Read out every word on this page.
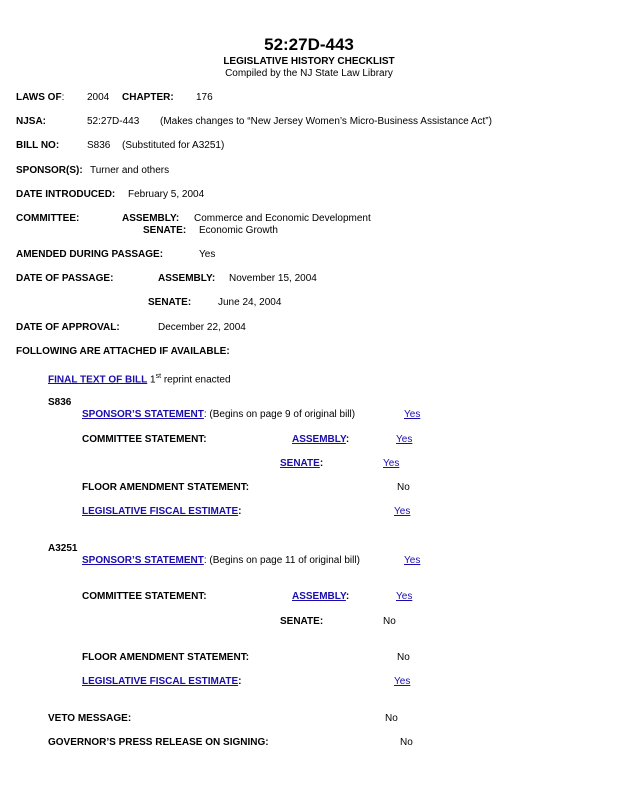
52:27D-443
LEGISLATIVE HISTORY CHECKLIST
Compiled by the NJ State Law Library
LAWS OF: 2004 CHAPTER: 176
NJSA:	52:27D-443 (Makes changes to “New Jersey Women’s Micro-Business Assistance Act”)
BILL NO:	S836 (Substituted for A3251)
SPONSOR(S): Turner and others
DATE INTRODUCED: February 5, 2004
COMMITTEE:	ASSEMBLY: Commerce and Economic Development
SENATE: Economic Growth
AMENDED DURING PASSAGE:	Yes
DATE OF PASSAGE:	ASSEMBLY: November 15, 2004
SENATE:	June 24, 2004
DATE OF APPROVAL:	December 22, 2004
FOLLOWING ARE ATTACHED IF AVAILABLE:
FINAL TEXT OF BILL 1st reprint enacted
S836
SPONSOR’S STATEMENT: (Begins on page 9 of original bill)	Yes
COMMITTEE STATEMENT:	ASSEMBLY:	Yes
SENATE:	Yes
FLOOR AMENDMENT STATEMENT:	No
LEGISLATIVE FISCAL ESTIMATE:	Yes
A3251
SPONSOR’S STATEMENT: (Begins on page 11 of original bill)	Yes
COMMITTEE STATEMENT:	ASSEMBLY:	Yes
SENATE:	No
FLOOR AMENDMENT STATEMENT:	No
LEGISLATIVE FISCAL ESTIMATE:	Yes
VETO MESSAGE:	No
GOVERNOR’S PRESS RELEASE ON SIGNING:	No
